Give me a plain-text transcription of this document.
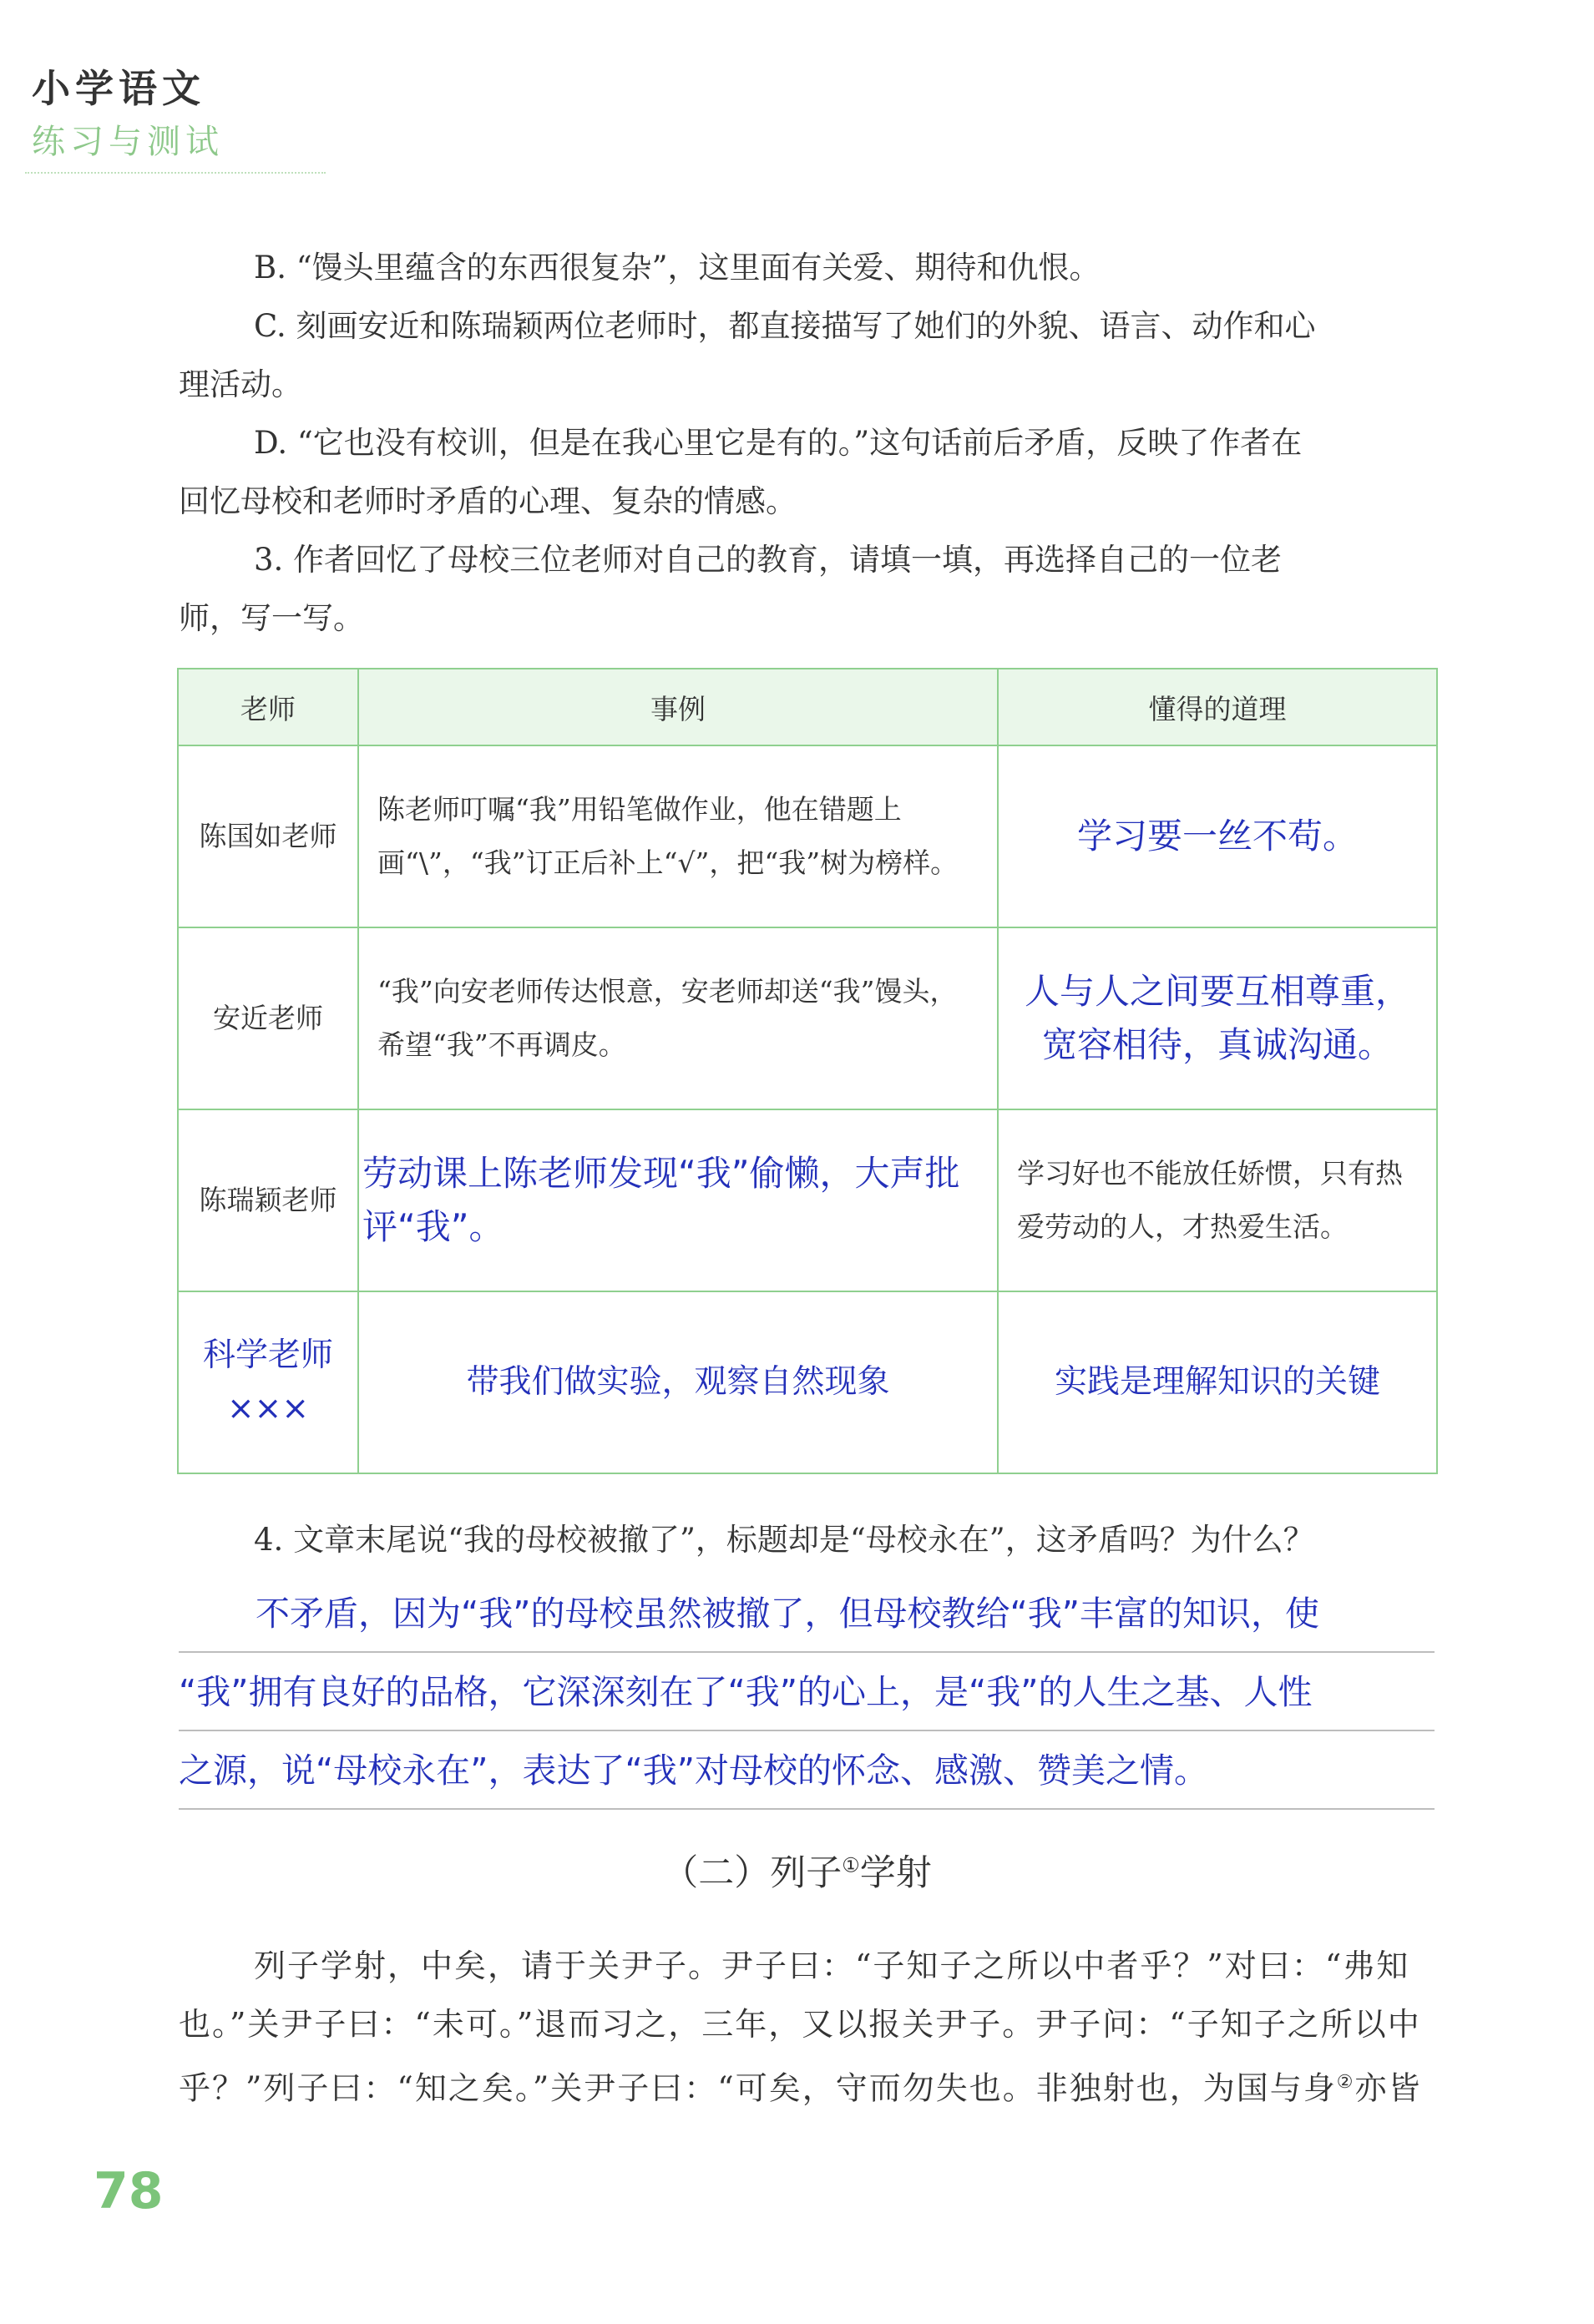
小学语文
练习与测试

B. “馒头里蕴含的东西很复杂”，这里面有关爱、期待和仇恨。

C. 刻画安近和陈瑞颖两位老师时，都直接描写了她们的外貌、语言、动作和心

理活动。

D. “它也没有校训，但是在我心里它是有的。”这句话前后矛盾，反映了作者在

回忆母校和老师时矛盾的心理、复杂的情感。

3. 作者回忆了母校三位老师对自己的教育，请填一填，再选择自己的一位老

师，写一写。

老师	事例	懂得的道理
陈国如老师	陈老师叮嘱“我”用铅笔做作业，他在错题上画“\”，“我”订正后补上“√”，把“我”树为榜样。	学习要一丝不苟。
安近老师	“我”向安老师传达恨意，安老师却送“我”馒头，希望“我”不再调皮。	人与人之间要互相尊重，宽容相待，真诚沟通。
陈瑞颖老师	劳动课上陈老师发现“我”偷懒，大声批评“我”。	学习好也不能放任娇惯，只有热爱劳动的人，才热爱生活。

科学老师
×××	带我们做实验，观察自然现象	实践是理解知识的关键
4. 文章末尾说“我的母校被撤了”，标题却是“母校永在”，这矛盾吗？为什么？
不矛盾，因为“我”的母校虽然被撤了，但母校教给“我”丰富的知识，使
“我”拥有良好的品格，它深深刻在了“我”的心上，是“我”的人生之基、人性
之源，说“母校永在”，表达了“我”对母校的怀念、感激、赞美之情。
（二）列子①学射

列子学射，中矣，请于关尹子。尹子曰：“子知子之所以中者乎？”对曰：“弗知

也。”关尹子曰：“未可。”退而习之，三年，又以报关尹子。尹子问：“子知子之所以中

乎？”列子曰：“知之矣。”关尹子曰：“可矣，守而勿失也。非独射也，为国与身②亦皆

78
